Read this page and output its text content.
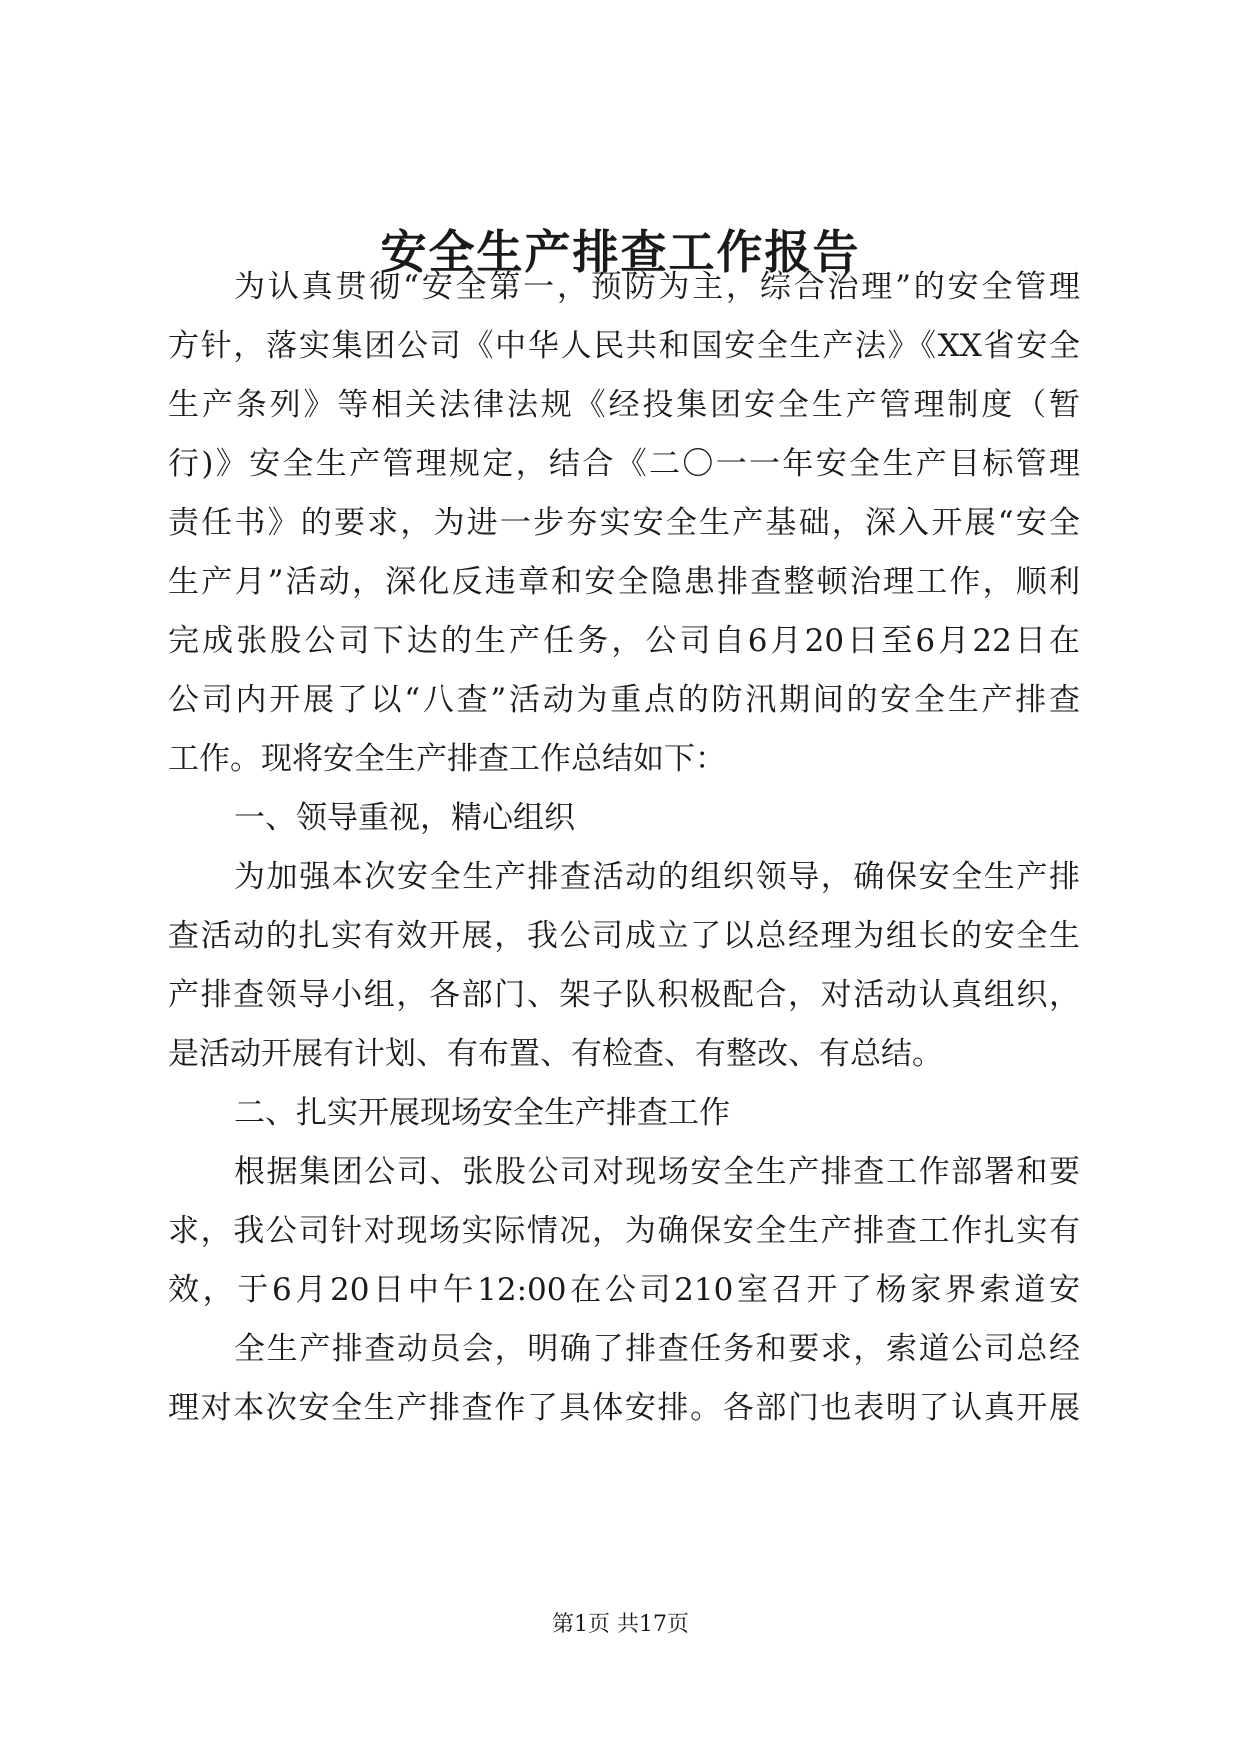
安全生产排查工作报告
为认真贯彻“安全第一，预防为主，综合治理”的安全管理
方针，落实集团公司《中华人民共和国安全生产法》《XX省安全
生产条列》等相关法律法规《经投集团安全生产管理制度（暂
行)》安全生产管理规定，结合《二〇一一年安全生产目标管理
责任书》的要求，为进一步夯实安全生产基础，深入开展“安全
生产月”活动，深化反违章和安全隐患排查整顿治理工作，顺利
完成张股公司下达的生产任务，公司自6月20日至6月22日在
公司内开展了以“八查”活动为重点的防汛期间的安全生产排查
工作。现将安全生产排查工作总结如下：
一、领导重视，精心组织
为加强本次安全生产排查活动的组织领导，确保安全生产排
查活动的扎实有效开展，我公司成立了以总经理为组长的安全生
产排查领导小组，各部门、架子队积极配合，对活动认真组织，
是活动开展有计划、有布置、有检查、有整改、有总结。
二、扎实开展现场安全生产排查工作
根据集团公司、张股公司对现场安全生产排查工作部署和要
求，我公司针对现场实际情况，为确保安全生产排查工作扎实有
效，于6月20日中午12:00在公司210室召开了杨家界索道安
全生产排查动员会，明确了排查任务和要求，索道公司总经
理对本次安全生产排查作了具体安排。各部门也表明了认真开展
第1页 共17页
